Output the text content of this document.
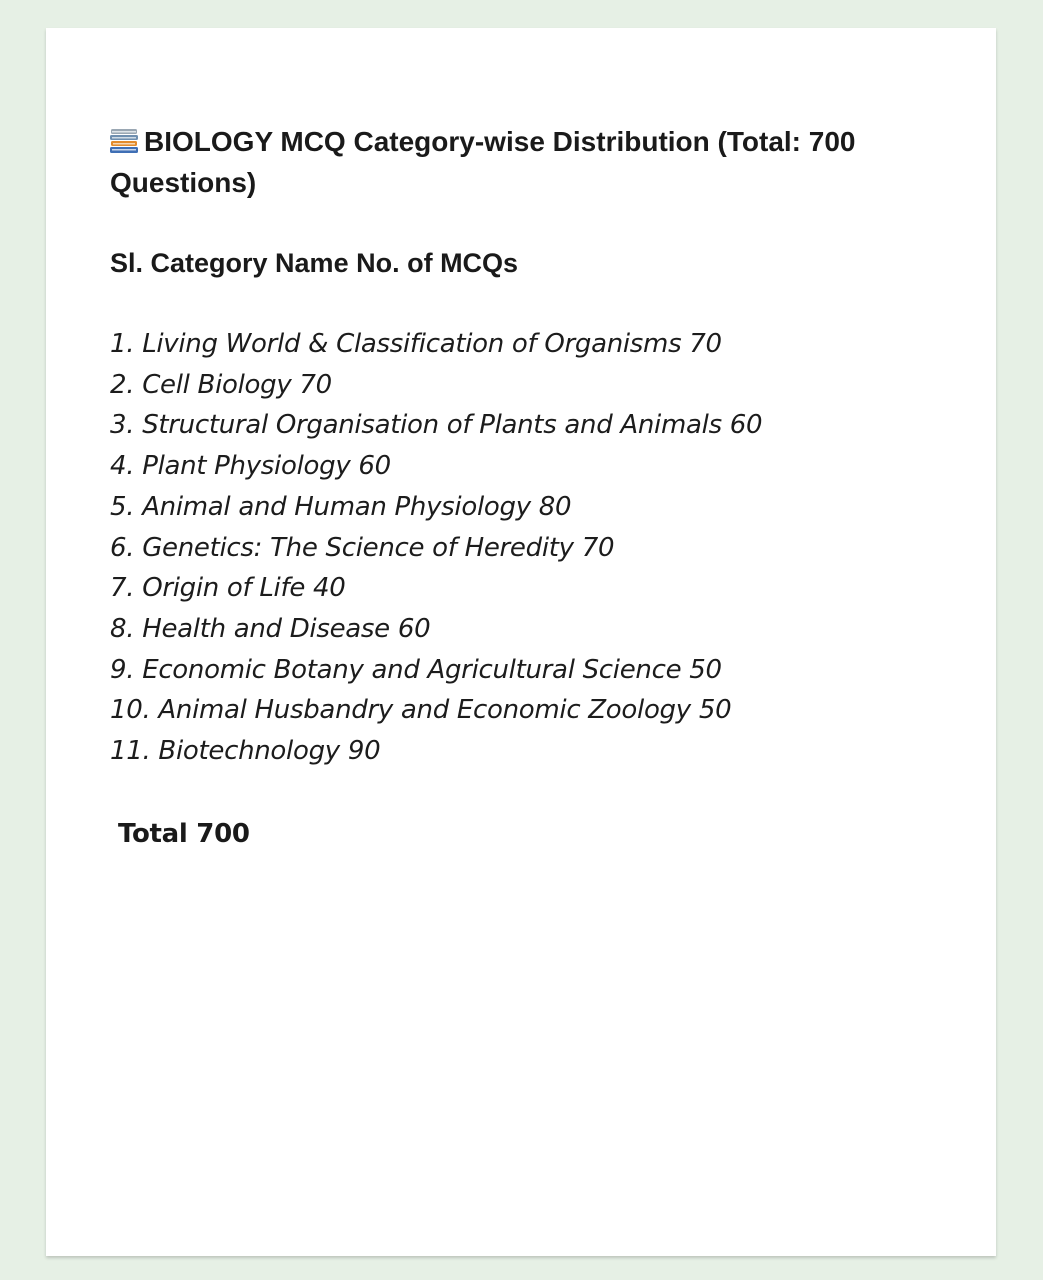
BIOLOGY MCQ Category-wise Distribution (Total: 700 Questions)
Sl. Category Name No. of MCQs
1. Living World & Classification of Organisms 70
2. Cell Biology 70
3. Structural Organisation of Plants and Animals 60
4. Plant Physiology 60
5. Animal and Human Physiology 80
6. Genetics: The Science of Heredity 70
7. Origin of Life 40
8. Health and Disease 60
9. Economic Botany and Agricultural Science 50
10. Animal Husbandry and Economic Zoology 50
11. Biotechnology 90
Total 700
